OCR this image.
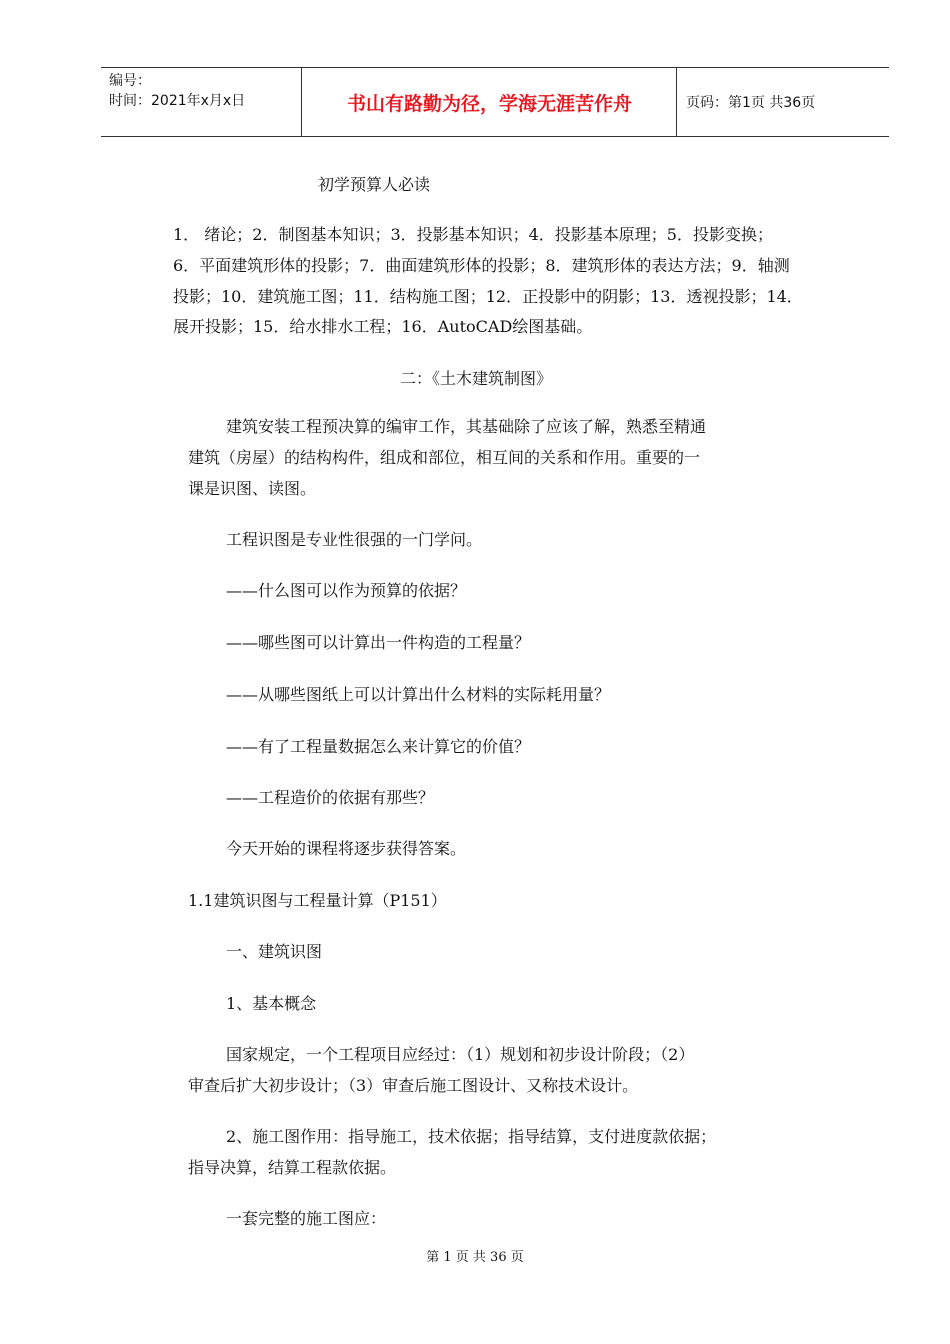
编号：
时间：2021年x月x日	书山有路勤为径，学海无涯苦作舟	页码：第1页 共36页
初学预算人必读
1． 绪论；2．制图基本知识；3．投影基本知识；4．投影基本原理；5．投影变换；
6．平面建筑形体的投影；7．曲面建筑形体的投影；8．建筑形体的表达方法；9．轴测
投影；10．建筑施工图；11．结构施工图；12．正投影中的阴影；13．透视投影；14．
展开投影；15．给水排水工程；16．AutoCAD绘图基础。
二：《土木建筑制图》
建筑安装工程预决算的编审工作，其基础除了应该了解，熟悉至精通
建筑（房屋）的结构构件，组成和部位，相互间的关系和作用。重要的一
课是识图、读图。
工程识图是专业性很强的一门学问。
——什么图可以作为预算的依据？
——哪些图可以计算出一件构造的工程量？
——从哪些图纸上可以计算出什么材料的实际耗用量？
——有了工程量数据怎么来计算它的价值？
——工程造价的依据有那些？
今天开始的课程将逐步获得答案。
1.1建筑识图与工程量计算（P151）
一、建筑识图
1、基本概念
国家规定，一个工程项目应经过：（1）规划和初步设计阶段；（2）
审查后扩大初步设计；（3）审查后施工图设计、又称技术设计。
2、施工图作用：指导施工，技术依据；指导结算，支付进度款依据；
指导决算，结算工程款依据。
一套完整的施工图应：
第 1 页 共 36 页
